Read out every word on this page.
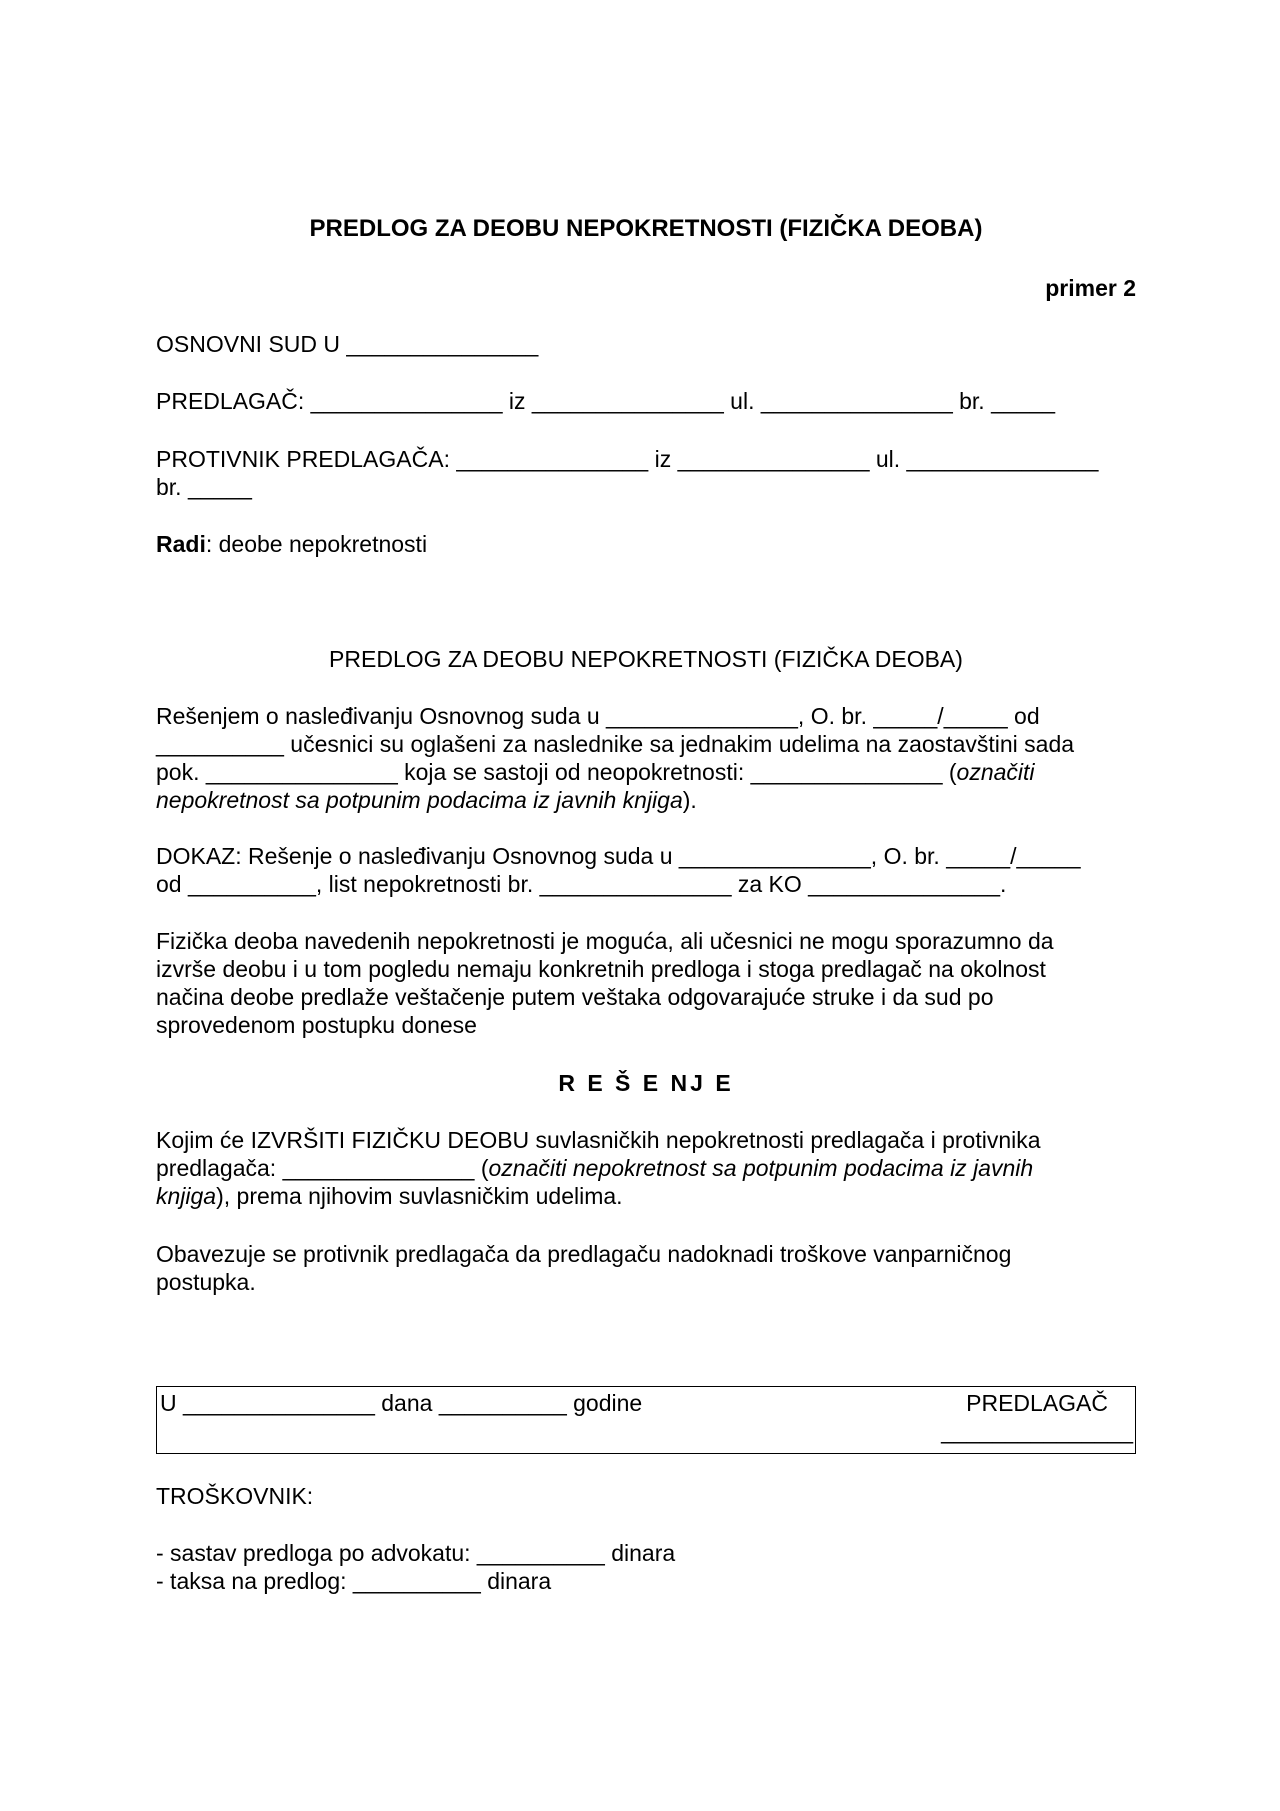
PREDLOG ZA DEOBU NEPOKRETNOSTI (FIZIČKA DEOBA)
primer 2

OSNOVNI SUD U _______________

PREDLAGAČ: _______________ iz _______________ ul. _______________ br. _____

PROTIVNIK PREDLAGAČA: _______________ iz _______________ ul. _______________
br. _____

Radi: deobe nepokretnosti

PREDLOG ZA DEOBU NEPOKRETNOSTI (FIZIČKA DEOBA)

Rešenjem o nasleđivanju Osnovnog suda u _______________, O. br. _____/_____ od
__________ učesnici su oglašeni za naslednike sa jednakim udelima na zaostavštini sada
pok. _______________ koja se sastoji od neopokretnosti: _______________ (označiti
nepokretnost sa potpunim podacima iz javnih knjiga).
DOKAZ: Rešenje o nasleđivanju Osnovnog suda u _______________, O. br. _____/_____
od __________, list nepokretnosti br. _______________ za KO _______________.
Fizička deoba navedenih nepokretnosti je moguća, ali učesnici ne mogu sporazumno da
izvrše deobu i u tom pogledu nemaju konkretnih predloga i stoga predlagač na okolnost
načina deobe predlaže veštačenje putem veštaka odgovarajuće struke i da sud po
sprovedenom postupku donese

R E Š E NJ E

Kojim će IZVRŠITI FIZIČKU DEOBU suvlasničkih nepokretnosti predlagača i protivnika
predlagača: _______________ (označiti nepokretnost sa potpunim podacima iz javnih
knjiga), prema njihovim suvlasničkim udelima.
Obavezuje se protivnik predlagača da predlagaču nadoknadi troškove vanparničnog
postupka.
U _______________ dana __________ godine	PREDLAGAČ
_______________

TROŠKOVNIK:

- sastav predloga po advokatu: __________ dinara
- taksa na predlog: __________ dinara
